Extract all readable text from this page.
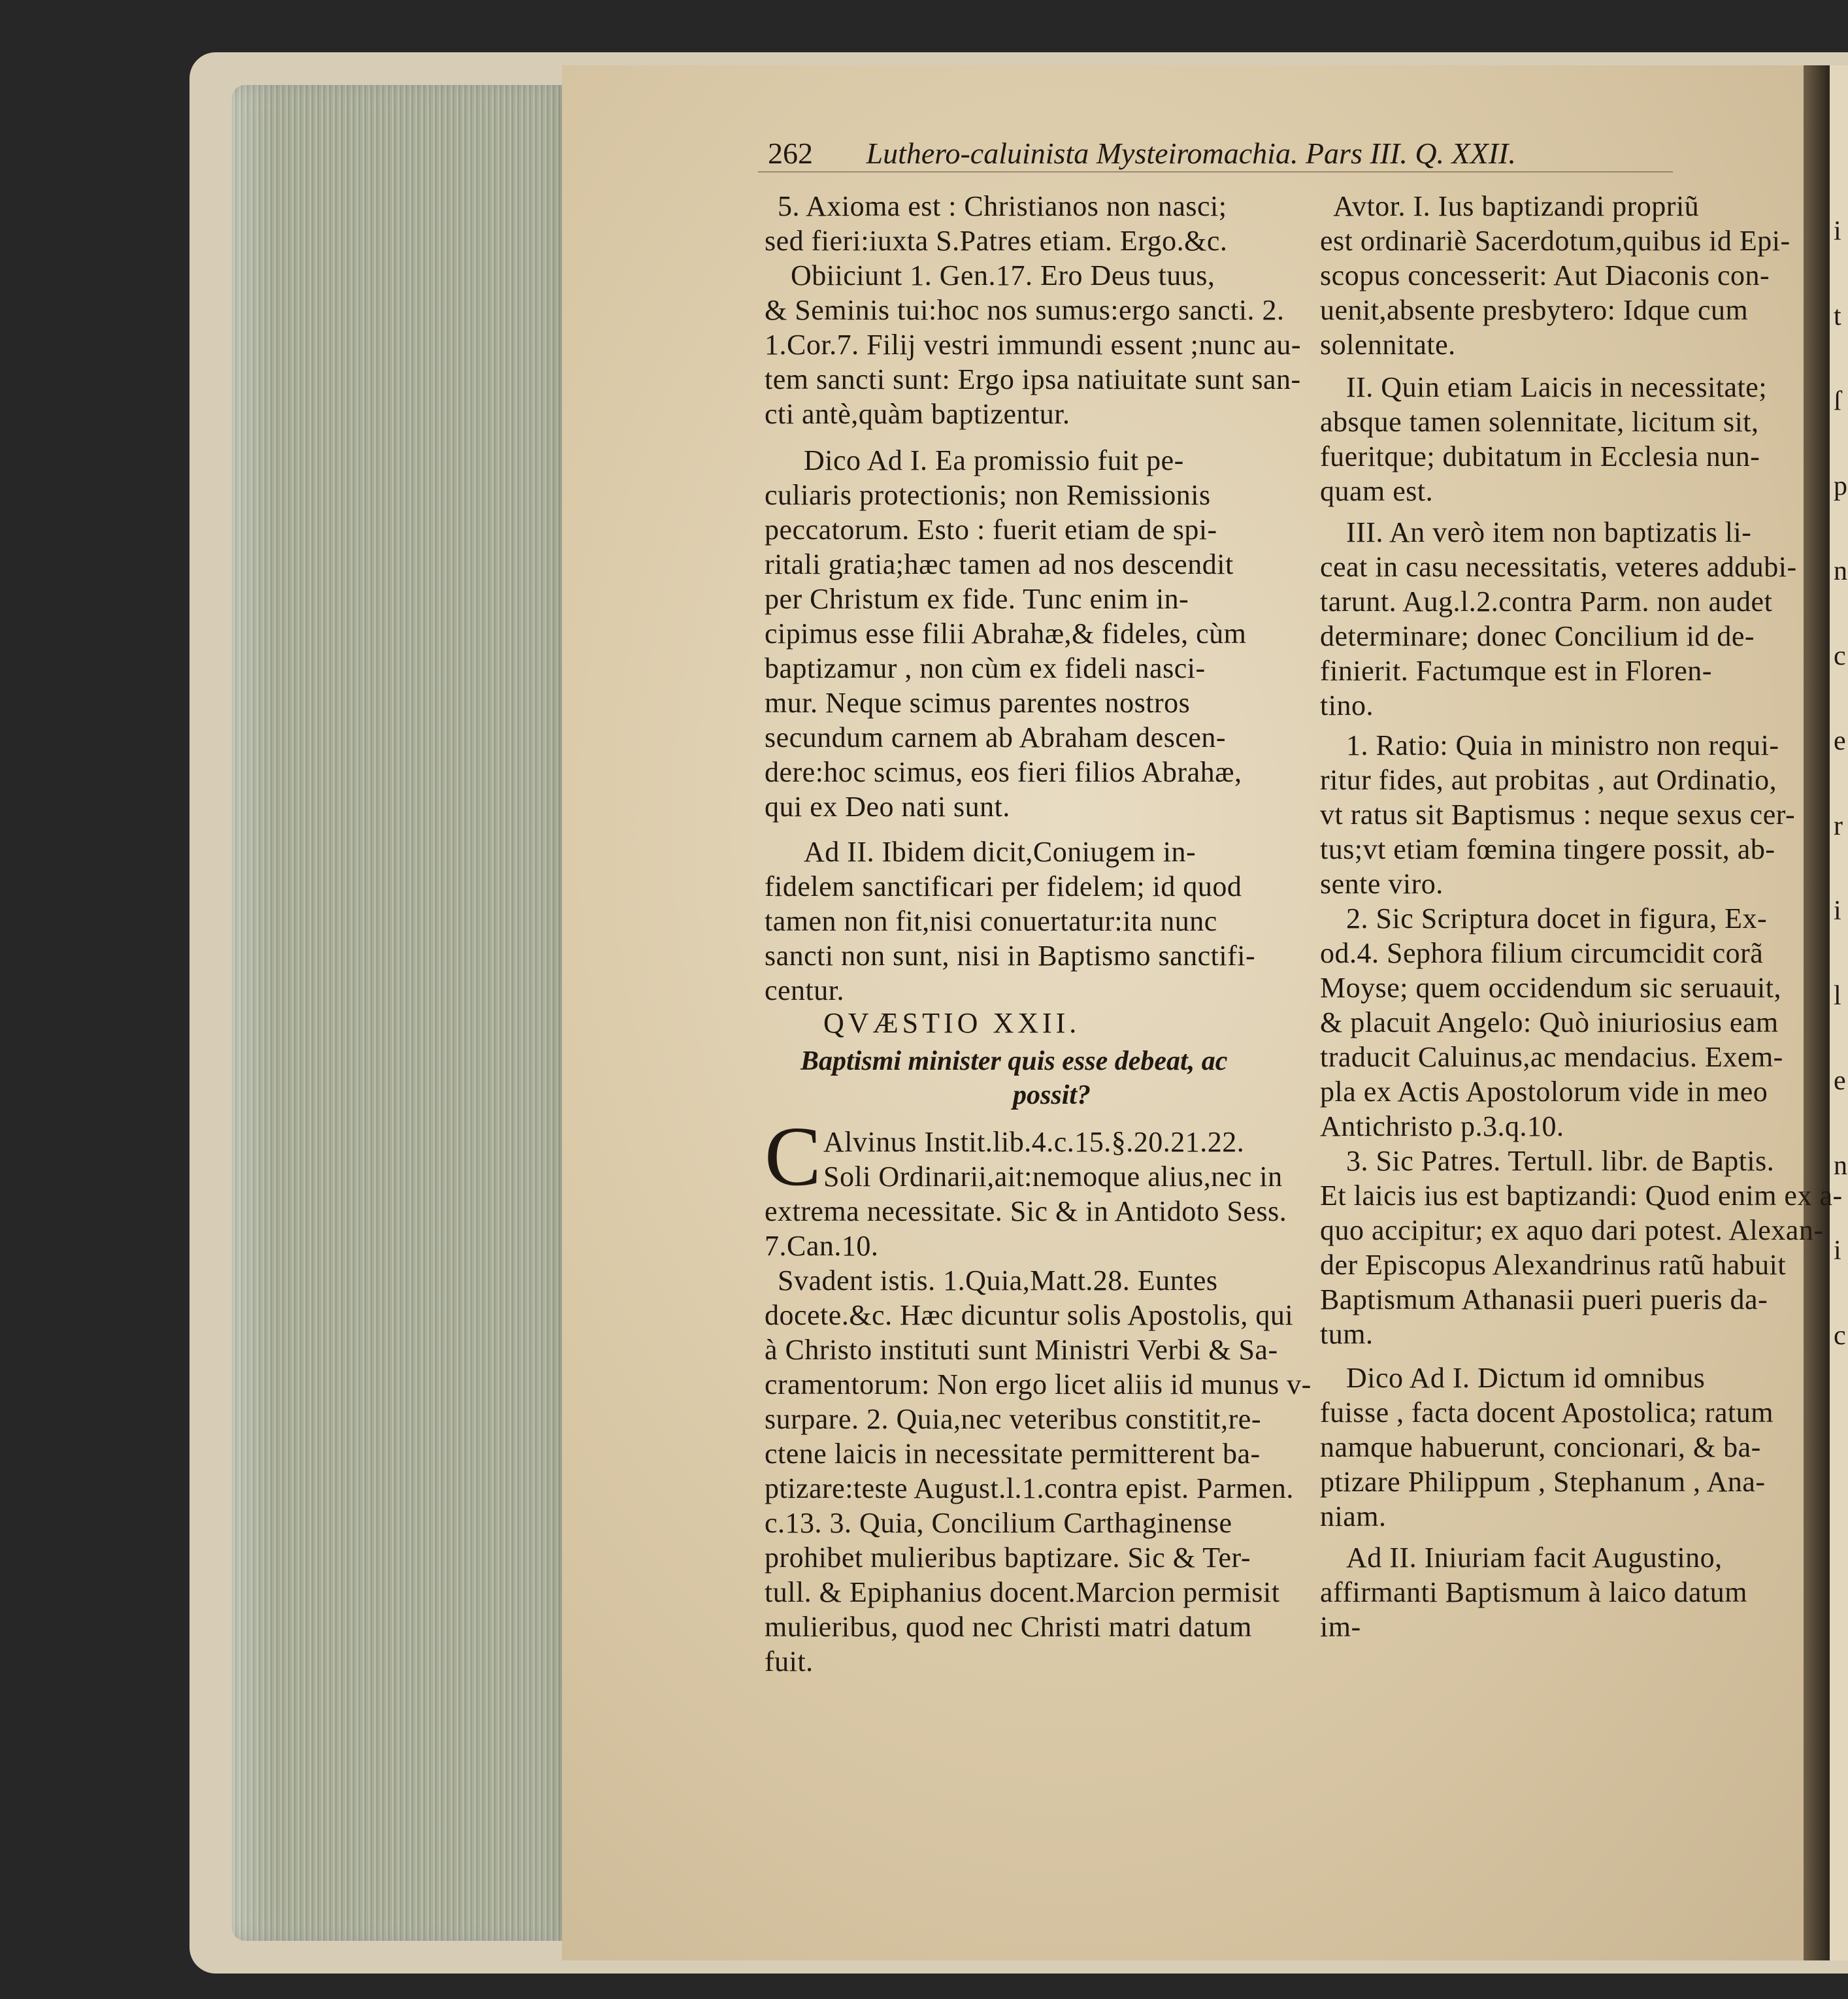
262 Luthero-caluinista Mysteiromachia. Pars III. Q. XXII.
5. Axioma est : Christianos non nasci;
sed fieri:iuxta S.Patres etiam. Ergo.&c.
Obiiciunt 1. Gen.17. Ero Deus tuus,
& Seminis tui:hoc nos sumus:ergo sancti. 2.
1.Cor.7. Filij vestri immundi essent ;nunc au-
tem sancti sunt: Ergo ipsa natiuitate sunt san-
cti antè,quàm baptizentur.
Dico Ad I. Ea promissio fuit pe-
culiaris protectionis; non Remissionis
peccatorum. Esto : fuerit etiam de spi-
ritali gratia;hæc tamen ad nos descendit
per Christum ex fide. Tunc enim in-
cipimus esse filii Abrahæ,& fideles, cùm
baptizamur , non cùm ex fideli nasci-
mur. Neque scimus parentes nostros
secundum carnem ab Abraham descen-
dere:hoc scimus, eos fieri filios Abrahæ,
qui ex Deo nati sunt.
Ad II. Ibidem dicit,Coniugem in-
fidelem sanctificari per fidelem; id quod
tamen non fit,nisi conuertatur:ita nunc
sancti non sunt, nisi in Baptismo sanctifi-
centur.
QVÆSTIO XXII.
Baptismi minister quis esse debeat, ac
possit?
C Alvinus Instit.lib.4.c.15.§.20.21.22.
Soli Ordinarii,ait:nemoque alius,nec in
extrema necessitate. Sic & in Antidoto Sess.
7.Can.10.
Svadent istis. 1.Quia,Matt.28. Euntes
docete.&c. Hæc dicuntur solis Apostolis, qui
à Christo instituti sunt Ministri Verbi & Sa-
cramentorum: Non ergo licet aliis id munus v-
surpare. 2. Quia,nec veteribus constitit,re-
ctene laicis in necessitate permitterent ba-
ptizare:teste August.l.1.contra epist. Parmen.
c.13. 3. Quia, Concilium Carthaginense
prohibet mulieribus baptizare. Sic & Ter-
tull. & Epiphanius docent.Marcion permisit
mulieribus, quod nec Christi matri datum
fuit.
Avtor. I. Ius baptizandi propriũ
est ordinariè Sacerdotum,quibus id Epi-
scopus concesserit: Aut Diaconis con-
uenit,absente presbytero: Idque cum
solennitate.
II. Quin etiam Laicis in necessitate;
absque tamen solennitate, licitum sit,
fueritque; dubitatum in Ecclesia nun-
quam est.
III. An verò item non baptizatis li-
ceat in casu necessitatis, veteres addubi-
tarunt. Aug.l.2.contra Parm. non audet
determinare; donec Concilium id de-
finierit. Factumque est in Floren-
tino.
1. Ratio: Quia in ministro non requi-
ritur fides, aut probitas , aut Ordinatio,
vt ratus sit Baptismus : neque sexus cer-
tus;vt etiam fœmina tingere possit, ab-
sente viro.
2. Sic Scriptura docet in figura, Ex-
od.4. Sephora filium circumcidit corã
Moyse; quem occidendum sic seruauit,
& placuit Angelo: Quò iniuriosius eam
traducit Caluinus,ac mendacius. Exem-
pla ex Actis Apostolorum vide in meo
Antichristo p.3.q.10.
3. Sic Patres. Tertull. libr. de Baptis.
Et laicis ius est baptizandi: Quod enim ex a-
quo accipitur; ex aquo dari potest. Alexan-
der Episcopus Alexandrinus ratũ habuit
Baptismum Athanasii pueri pueris da-
tum.
Dico Ad I. Dictum id omnibus
fuisse , facta docent Apostolica; ratum
namque habuerunt, concionari, & ba-
ptizare Philippum , Stephanum , Ana-
niam.
Ad II. Iniuriam facit Augustino,
affirmanti Baptismum à laico datum
im-
i
t
ſ
p
n
c
e
r
i
l
e
n
i
c
